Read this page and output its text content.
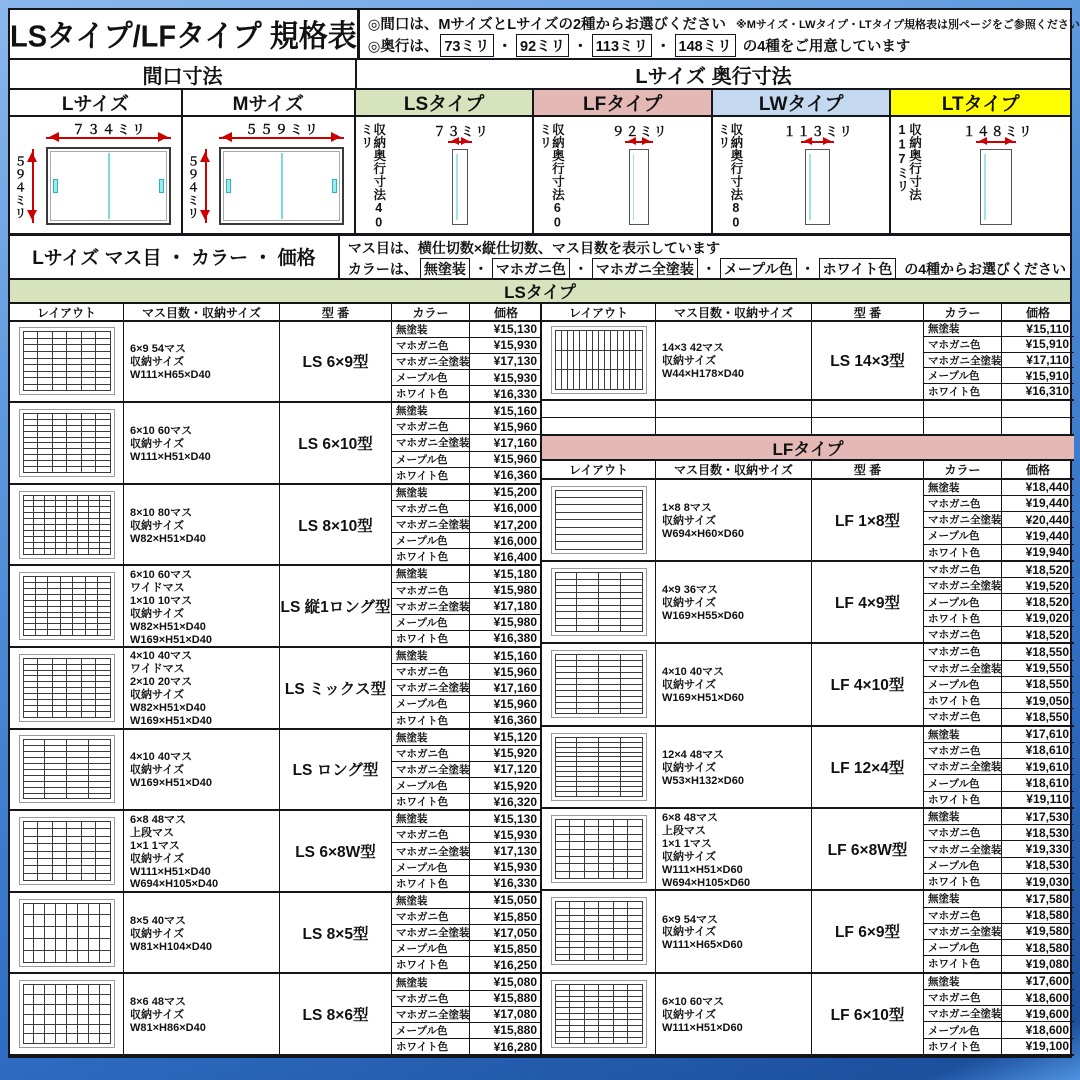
LSタイプ/LFタイプ 規格表 ◎間口は、MサイズとLサイズの2種からお選びください ※Mサイズ・LWタイプ・LTタイプ規格表は別ページをご参照ください
◎奥行は、 73ミリ ・ 92ミリ ・ 113ミリ ・ 148ミリ の4種をご用意しています
間口寸法	Lサイズ 奥行寸法
Lサイズ
７３４ミリ
５９４ミリ
Mサイズ
５５９ミリ
５９４ミリ
LSタイプ
収納奥行寸法40ミリ	７３ミリ
LFタイプ
収納奥行寸法60ミリ	９２ミリ
LWタイプ
収納奥行寸法80ミリ	１１３ミリ
LTタイプ
収納奥行寸法117ミリ	１４８ミリ
Lサイズ マス目 ・ カラー ・ 価格
マス目は、横仕切数×縦仕切数、マス目数を表示しています
カラーは、 無塗装 ・ マホガニ色 ・ マホガニ全塗装 ・ メープル色 ・ ホワイト色 の4種からお選びください
LSタイプ
レイアウト	マス目数・収納サイズ	型 番	カラー	価格	レイアウト	マス目数・収納サイズ	型 番	カラー	価格
6×9 54マス
収納サイズ
W111×H65×D40
LS 6×9型
無塗装	¥15,130
マホガニ色	¥15,930
マホガニ全塗装	¥17,130
メープル色	¥15,930
ホワイト色	¥16,330
6×10 60マス
収納サイズ
W111×H51×D40
LS 6×10型
無塗装	¥15,160
マホガニ色	¥15,960
マホガニ全塗装	¥17,160
メープル色	¥15,960
ホワイト色	¥16,360
8×10 80マス
収納サイズ
W82×H51×D40
LS 8×10型
無塗装	¥15,200
マホガニ色	¥16,000
マホガニ全塗装	¥17,200
メープル色	¥16,000
ホワイト色	¥16,400
6×10 60マス
ワイドマス
1×10 10マス
収納サイズ
W82×H51×D40
W169×H51×D40
LS 縦1ロング型
無塗装	¥15,180
マホガニ色	¥15,980
マホガニ全塗装	¥17,180
メープル色	¥15,980
ホワイト色	¥16,380
4×10 40マス
ワイドマス
2×10 20マス
収納サイズ
W82×H51×D40
W169×H51×D40
LS ミックス型
無塗装	¥15,160
マホガニ色	¥15,960
マホガニ全塗装	¥17,160
メープル色	¥15,960
ホワイト色	¥16,360
4×10 40マス
収納サイズ
W169×H51×D40
LS ロング型
無塗装	¥15,120
マホガニ色	¥15,920
マホガニ全塗装	¥17,120
メープル色	¥15,920
ホワイト色	¥16,320
6×8 48マス
上段マス
1×1 1マス
収納サイズ
W111×H51×D40
W694×H105×D40
LS 6×8W型
無塗装	¥15,130
マホガニ色	¥15,930
マホガニ全塗装	¥17,130
メープル色	¥15,930
ホワイト色	¥16,330
8×5 40マス
収納サイズ
W81×H104×D40
LS 8×5型
無塗装	¥15,050
マホガニ色	¥15,850
マホガニ全塗装	¥17,050
メープル色	¥15,850
ホワイト色	¥16,250
8×6 48マス
収納サイズ
W81×H86×D40
LS 8×6型
無塗装	¥15,080
マホガニ色	¥15,880
マホガニ全塗装	¥17,080
メープル色	¥15,880
ホワイト色	¥16,280
14×3 42マス
収納サイズ
W44×H178×D40
LS 14×3型
無塗装	¥15,110
マホガニ色	¥15,910
マホガニ全塗装	¥17,110
メープル色	¥15,910
ホワイト色	¥16,310
LFタイプ
レイアウト	マス目数・収納サイズ	型 番	カラー	価格
1×8 8マス
収納サイズ
W694×H60×D60
LF 1×8型
無塗装	¥18,440
マホガニ色	¥19,440
マホガニ全塗装	¥20,440
メープル色	¥19,440
ホワイト色	¥19,940
4×9 36マス
収納サイズ
W169×H55×D60
LF 4×9型
マホガニ色	¥18,520
マホガニ全塗装	¥19,520
メープル色	¥18,520
ホワイト色	¥19,020
マホガニ色	¥18,520
4×10 40マス
収納サイズ
W169×H51×D60
LF 4×10型
マホガニ色	¥18,550
マホガニ全塗装	¥19,550
メープル色	¥18,550
ホワイト色	¥19,050
マホガニ色	¥18,550
12×4 48マス
収納サイズ
W53×H132×D60
LF 12×4型
無塗装	¥17,610
マホガニ色	¥18,610
マホガニ全塗装	¥19,610
メープル色	¥18,610
ホワイト色	¥19,110
6×8 48マス
上段マス
1×1 1マス
収納サイズ
W111×H51×D60
W694×H105×D60
LF 6×8W型
無塗装	¥17,530
マホガニ色	¥18,530
マホガニ全塗装	¥19,330
メープル色	¥18,530
ホワイト色	¥19,030
6×9 54マス
収納サイズ
W111×H65×D60
LF 6×9型
無塗装	¥17,580
マホガニ色	¥18,580
マホガニ全塗装	¥19,580
メープル色	¥18,580
ホワイト色	¥19,080
6×10 60マス
収納サイズ
W111×H51×D60
LF 6×10型
無塗装	¥17,600
マホガニ色	¥18,600
マホガニ全塗装	¥19,600
メープル色	¥18,600
ホワイト色	¥19,100
